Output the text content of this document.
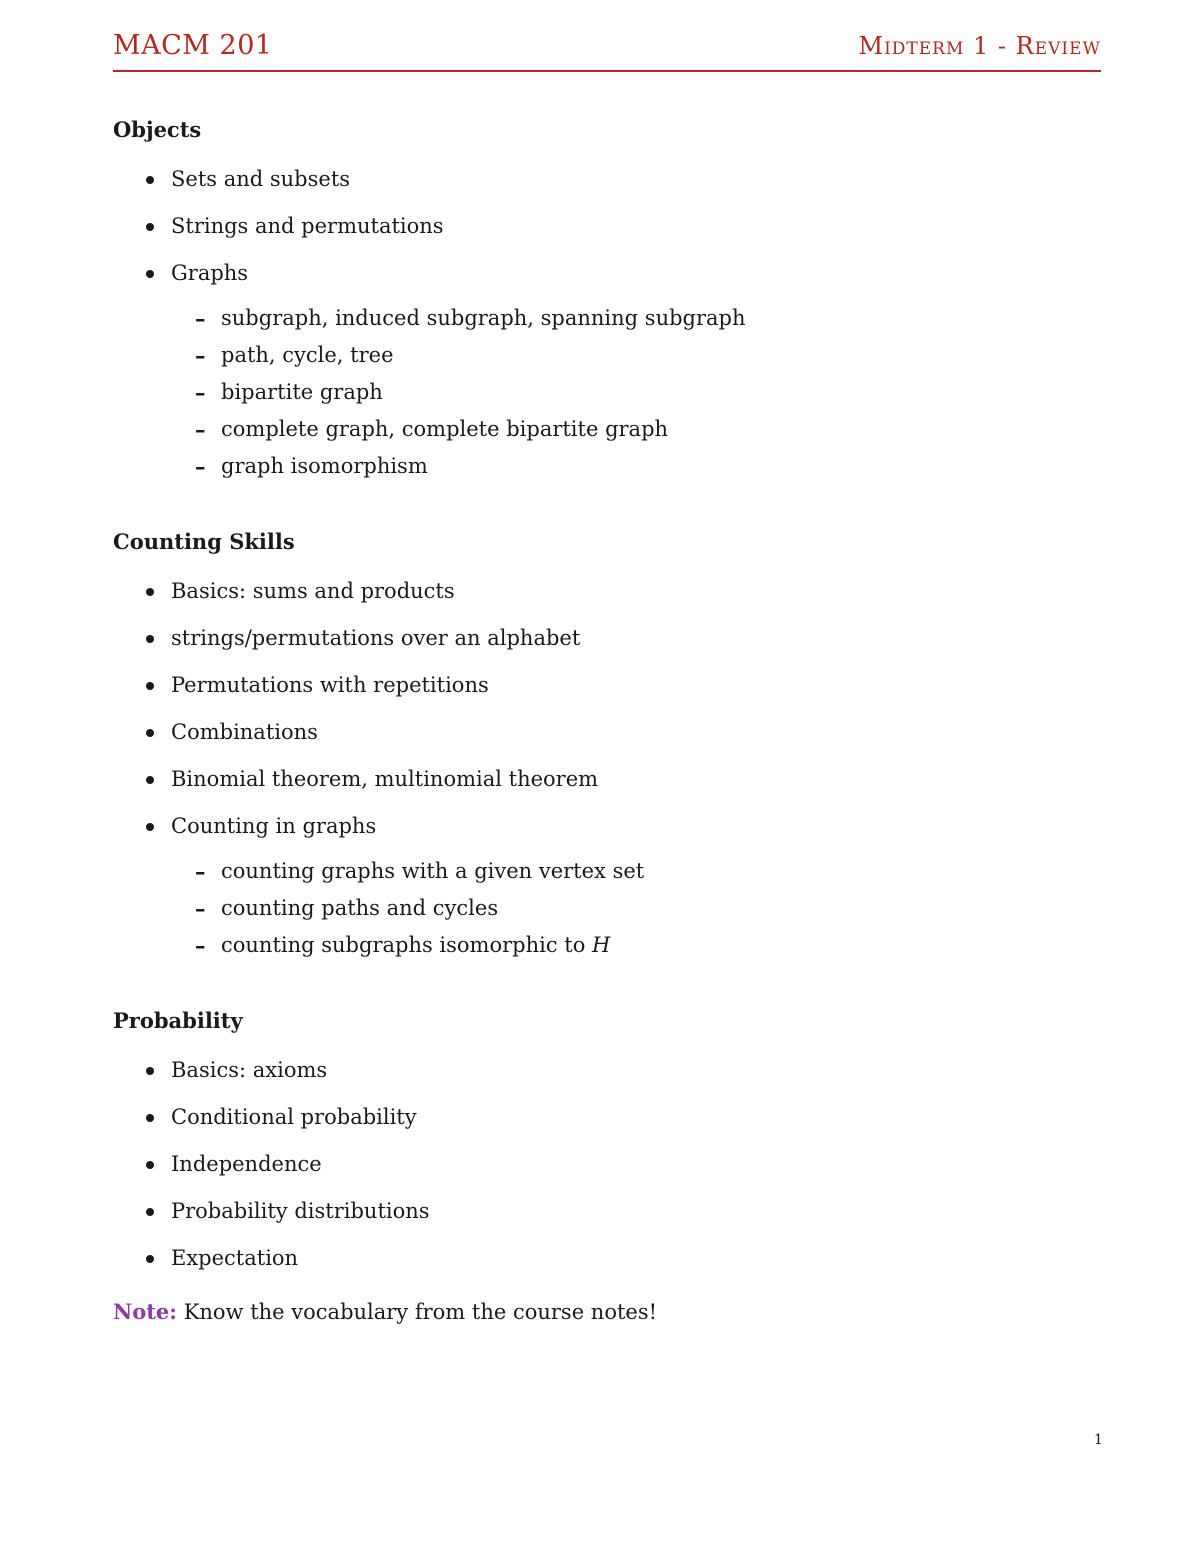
MACM 201	Midterm 1 - Review
Objects
Sets and subsets
Strings and permutations
Graphs
– subgraph, induced subgraph, spanning subgraph
– path, cycle, tree
– bipartite graph
– complete graph, complete bipartite graph
– graph isomorphism
Counting Skills
Basics: sums and products
strings/permutations over an alphabet
Permutations with repetitions
Combinations
Binomial theorem, multinomial theorem
Counting in graphs
– counting graphs with a given vertex set
– counting paths and cycles
– counting subgraphs isomorphic to H
Probability
Basics: axioms
Conditional probability
Independence
Probability distributions
Expectation

Note: Know the vocabulary from the course notes!

1
